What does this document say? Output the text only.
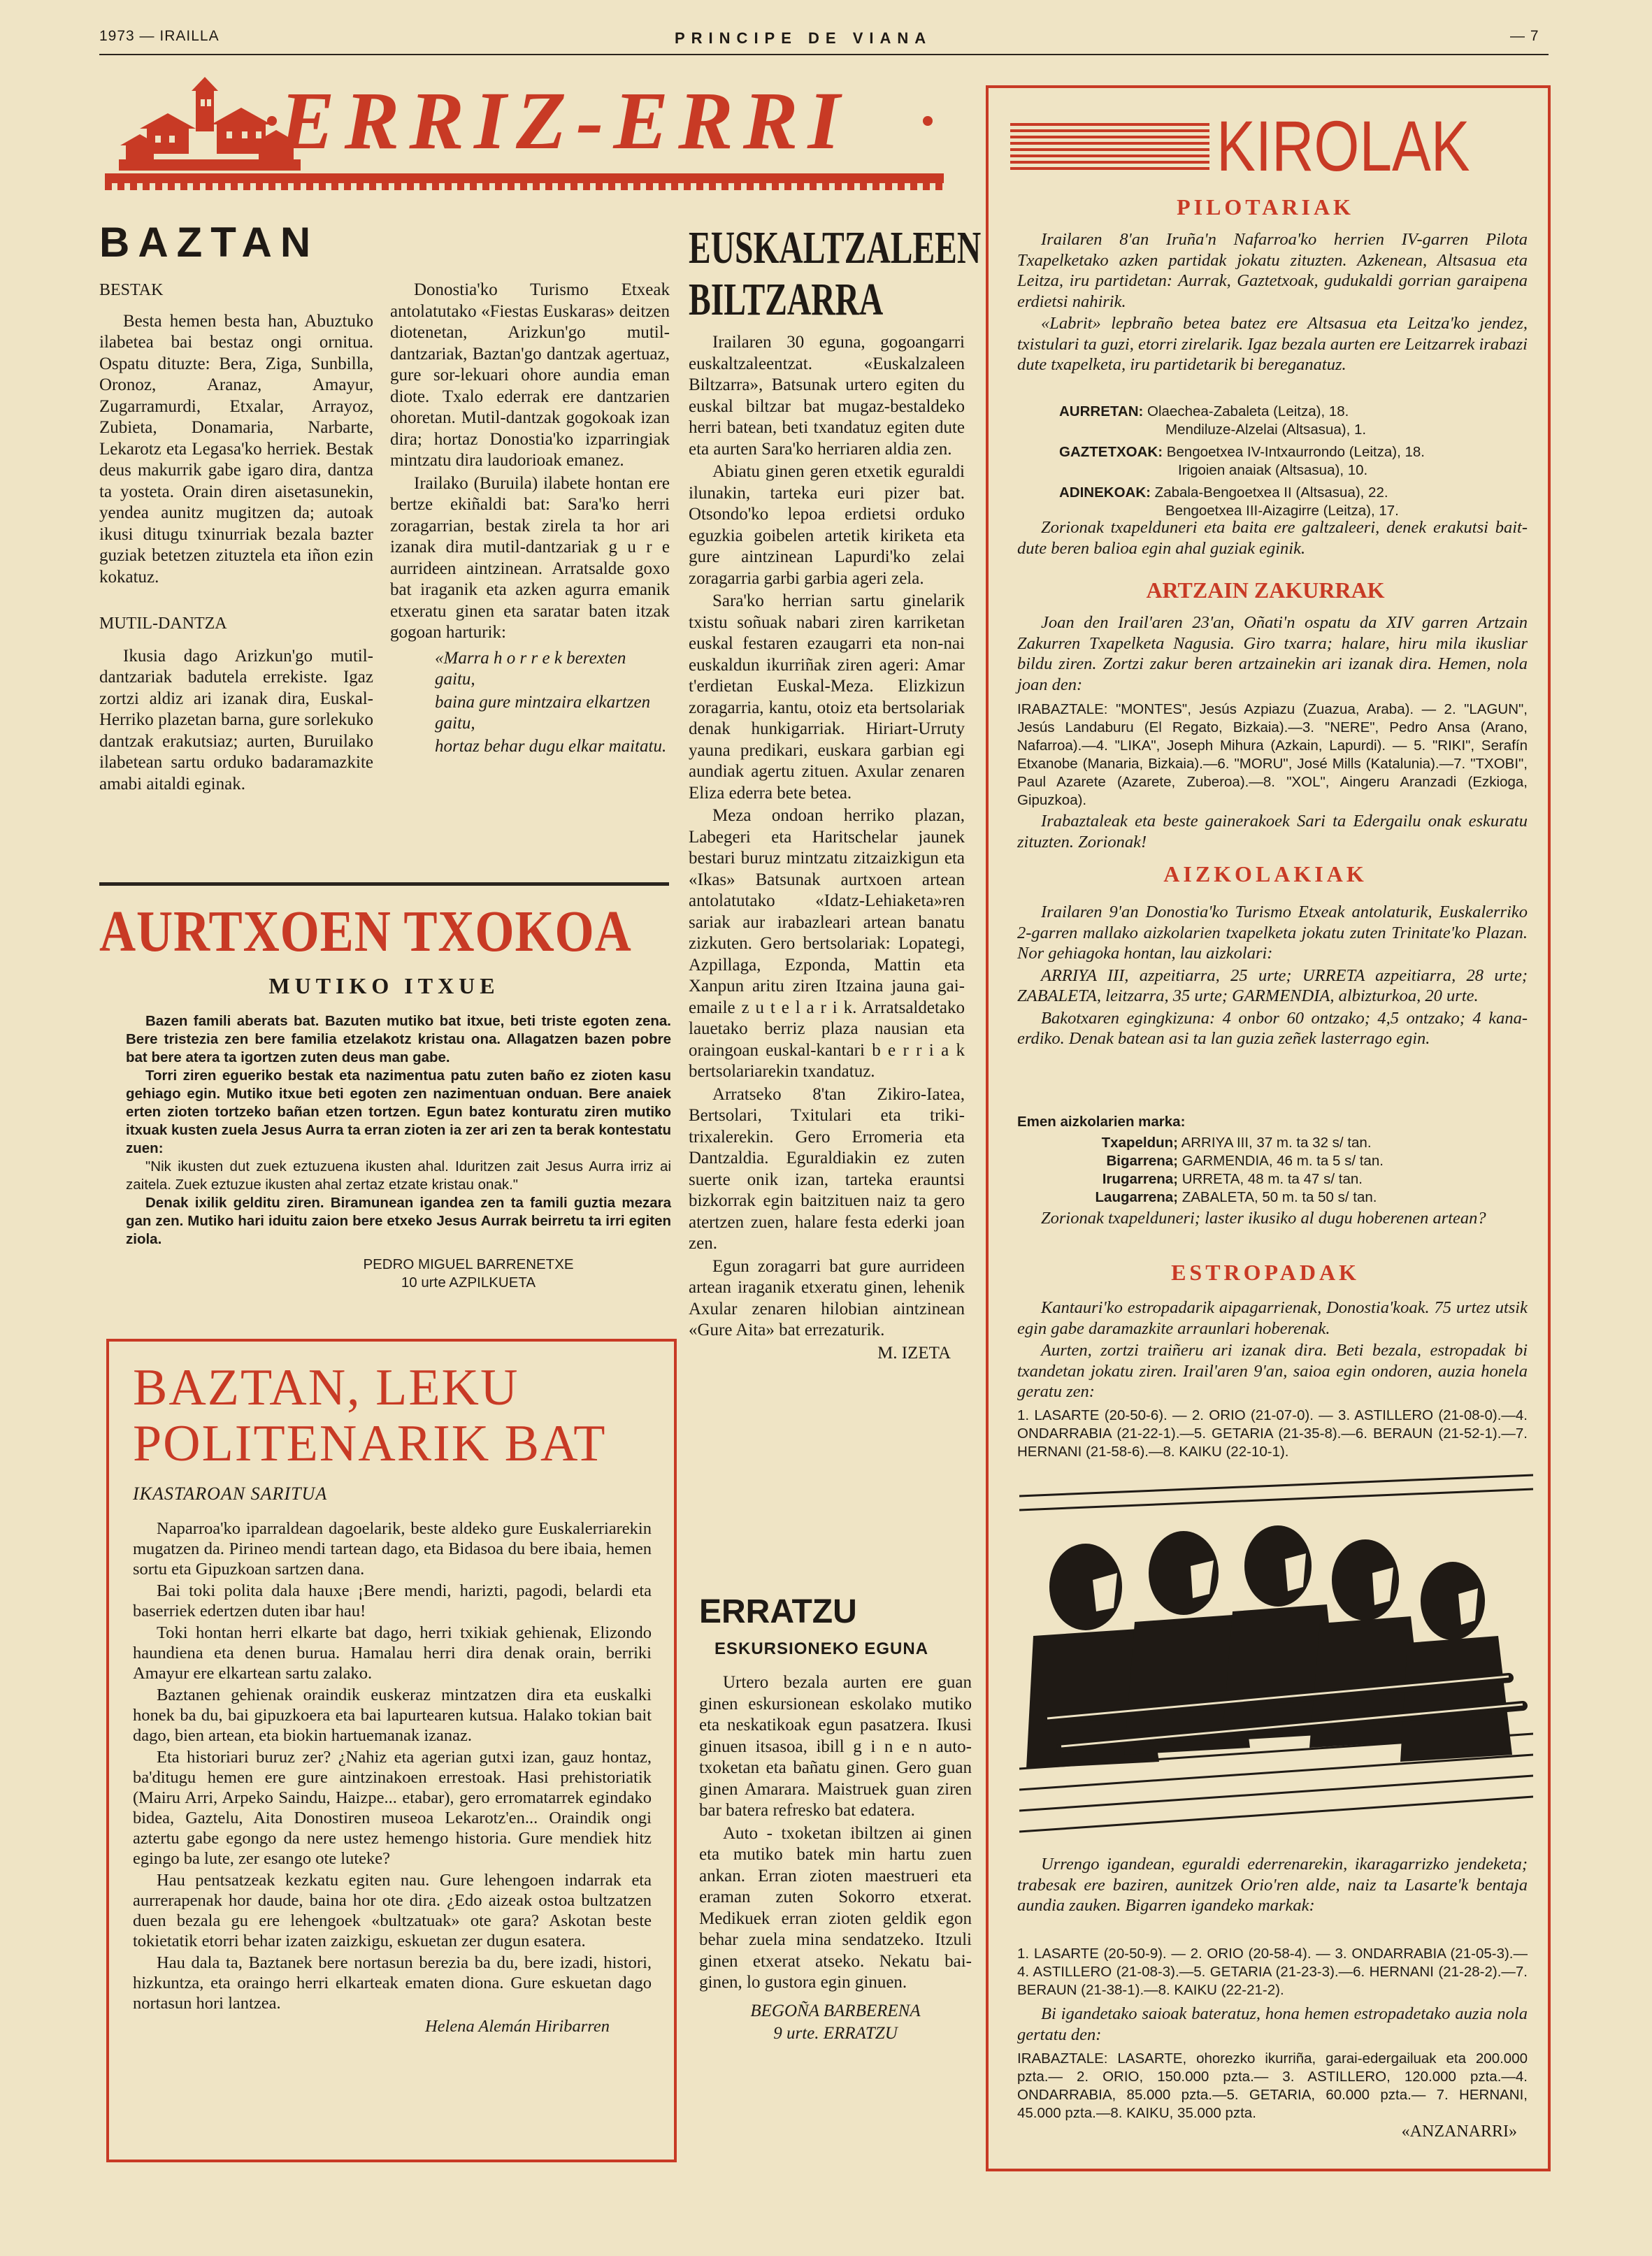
1973 — IRAILLA	PRINCIPE DE VIANA	— 7
ERRIZ-ERRI
BAZTAN

BESTAK

Besta hemen besta han, Abuztuko ilabetea bai bestaz ongi ornitua. Ospatu dituzte: Bera, Ziga, Sunbilla, Oronoz, Aranaz, Amayur, Zugarramurdi, Etxalar, Arrayoz, Zubieta, Donamaria, Narbarte, Lekarotz eta Legasa'ko herriek. Bestak deus makurrik gabe igaro dira, dantza ta yosteta. Orain diren aisetasunekin, yendea aunitz mugitzen da; autoak ikusi ditugu txinurriak bezala bazter guziak betetzen zituztela eta iñon ezin kokatuz.

MUTIL-DANTZA

Ikusia dago Arizkun'go mutil-dantzariak badutela errekiste. Igaz zortzi aldiz ari izanak dira, Euskal-Herriko plazetan barna, gure sorlekuko dantzak erakutsiaz; aurten, Buruilako ilabetean sartu orduko badaramazkite amabi aitaldi eginak.

Donostia'ko Turismo Etxeak antolatutako «Fiestas Euskaras» deitzen diotenetan, Arizkun'go mutil-dantzariak, Baztan'go dantzak agertuaz, gure sor-lekuari ohore aundia eman diote. Txalo ederrak ere dantzarien ohoretan. Mutil-dantzak gogokoak izan dira; hortaz Donostia'ko izparringiak mintzatu dira laudorioak emanez.

Irailako (Buruila) ilabete hontan ere bertze ekiñaldi bat: Sara'ko herri zoragarrian, bestak zirela ta hor ari izanak dira mutil-dantzariak g u r e aurrideen aintzinean. Arratsalde goxo bat iraganik eta azken agurra emanik etxeratu ginen eta saratar baten itzak gogoan harturik:

«Marra h o r r e k berexten gaitu,

baina gure mintzaira elkartzen gaitu,

hortaz behar dugu elkar maitatu.

AURTXOEN TXOKOA
MUTIKO ITXUE

Bazen famili aberats bat. Bazuten mutiko bat itxue, beti triste egoten zena. Bere tristezia zen bere familia etzelakotz kristau ona. Allagatzen bazen pobre bat bere atera ta igortzen zuten deus man gabe.

Torri ziren egueriko bestak eta nazimentua patu zuten baño ez zioten kasu gehiago egin. Mutiko itxue beti egoten zen nazimentuan onduan. Bere anaiek erten zioten tortzeko bañan etzen tortzen. Egun batez konturatu ziren mutiko itxuak kusten zuela Jesus Aurra ta erran zioten ia zer ari zen ta berak kontestatu zuen:

"Nik ikusten dut zuek eztuzuena ikusten ahal. Iduritzen zait Jesus Aurra irriz ai zaitela. Zuek eztuzue ikusten ahal zertaz etzate kristau onak."

Denak ixilik gelditu ziren. Biramunean igandea zen ta famili guztia mezara gan zen. Mutiko hari iduitu zaion bere etxeko Jesus Aurrak beirretu ta irri egiten ziola.

PEDRO MIGUEL BARRENETXE

10 urte AZPILKUETA

BAZTAN, LEKU
POLITENARIK BAT
IKASTAROAN SARITUA

Naparroa'ko iparraldean dagoelarik, beste aldeko gure Euskalerriarekin mugatzen da. Pirineo mendi tartean dago, eta Bidasoa du bere ibaia, hemen sortu eta Gipuzkoan sartzen dana.

Bai toki polita dala hauxe ¡Bere mendi, harizti, pagodi, belardi eta baserriek edertzen duten ibar hau!

Toki hontan herri elkarte bat dago, herri txikiak gehienak, Elizondo haundiena eta denen burua. Hamalau herri dira denak orain, berriki Amayur ere elkartean sartu zalako.

Baztanen gehienak oraindik euskeraz mintzatzen dira eta euskalki honek ba du, bai gipuzkoera eta bai lapurtearen kutsua. Halako tokian bait dago, bien artean, eta biokin hartuemanak izanaz.

Eta historiari buruz zer? ¿Nahiz eta agerian gutxi izan, gauz hontaz, ba'ditugu hemen ere gure aintzinakoen errestoak. Hasi prehistoriatik (Mairu Arri, Arpeko Saindu, Haizpe... etabar), gero erromatarrek egindako bidea, Gaztelu, Aita Donostiren museoa Lekarotz'en... Oraindik ongi aztertu gabe egongo da nere ustez hemengo historia. Gure mendiek hitz egingo ba lute, zer esango ote luteke?

Hau pentsatzeak kezkatu egiten nau. Gure lehengoen indarrak eta aurrerapenak hor daude, baina hor ote dira. ¿Edo aizeak ostoa bultzatzen duen bezala gu ere lehengoek «bultzatuak» ote gara? Askotan beste tokietatik etorri behar izaten zaizkigu, eskuetan zer dugun esatera.

Hau dala ta, Baztanek bere nortasun berezia ba du, bere izadi, histori, hizkuntza, eta oraingo herri elkarteak ematen diona. Gure eskuetan dago nortasun hori lantzea.

Helena Alemán Hiribarren

EUSKALTZALEEN
BILTZARRA

Irailaren 30 eguna, gogoangarri euskaltzaleentzat. «Euskalzaleen Biltzarra», Batsunak urtero egiten du euskal biltzar bat mugaz-bestaldeko herri batean, beti txandatuz egiten dute eta aurten Sara'ko herriaren aldia zen.

Abiatu ginen geren etxetik eguraldi ilunakin, tarteka euri pizer bat. Otsondo'ko lepoa erdietsi orduko eguzkia goibelen artetik kiriketa eta gure aintzinean Lapurdi'ko zelai zoragarria garbi garbia ageri zela.

Sara'ko herrian sartu ginelarik txistu soñuak nabari ziren karriketan euskal festaren ezaugarri eta non-nai euskaldun ikurriñak ziren ageri: Amar t'erdietan Euskal-Meza. Elizkizun zoragarria, kantu, otoiz eta bertsolariak denak hunkigarriak. Hiriart-Urruty yauna predikari, euskara garbian egi aundiak agertu zituen. Axular zenaren Eliza ederra bete betea.

Meza ondoan herriko plazan, Labegeri eta Haritschelar jaunek bestari buruz mintzatu zitzaizkigun eta «Ikas» Batsunak aurtxoen artean antolatutako «Idatz-Lehiaketa»ren sariak aur irabazleari artean banatu zizkuten. Gero bertsolariak: Lopategi, Azpillaga, Ezponda, Mattin eta Xanpun aritu ziren Itzaina jauna gai-emaile z u t e l a r i k. Arratsaldetako lauetako berriz plaza nausian eta oraingoan euskal-kantari b e r r i a k bertsolariarekin txandatuz.

Arratseko 8'tan Zikiro-Iatea, Bertsolari, Txitulari eta triki-trixalerekin. Gero Erromeria eta Dantzaldia. Eguraldiakin ez zuten suerte onik izan, tarteka erauntsi bizkorrak egin baitzituen naiz ta gero atertzen zuen, halare festa ederki joan zen.

Egun zoragarri bat gure aurrideen artean iraganik etxeratu ginen, lehenik Axular zenaren hilobian aintzinean «Gure Aita» bat errezaturik.

M. IZETA

ERRATZU
ESKURSIONEKO EGUNA

Urtero bezala aurten ere guan ginen eskursionean eskolako mutiko eta neskatikoak egun pasatzera. Ikusi ginuen itsasoa, ibill g i n e n auto-txoketan eta bañatu ginen. Gero guan ginen Amarara. Maistruek guan ziren bar batera refresko bat edatera.

Auto - txoketan ibiltzen ai ginen eta mutiko batek min hartu zuen ankan. Erran zioten maestrueri eta eraman zuten Sokorro etxerat. Medikuek erran zioten geldik egon behar zuela mina sendatzeko. Itzuli ginen etxerat atseko. Nekatu bai-ginen, lo gustora egin ginuen.

BEGOÑA BARBERENA

9 urte. ERRATZU

KIROLAK
PILOTARIAK

Irailaren 8'an Iruña'n Nafarroa'ko herrien IV-garren Pilota Txapelketako azken partidak jokatu zituzten. Azkenean, Altsasua eta Leitza, iru partidetan: Aurrak, Gaztetxoak, gudukaldi gorrian garaipena erdietsi nahirik.

«Labrit» lepbraño betea batez ere Altsasua eta Leitza'ko jendez, txistulari ta guzi, etorri zirelarik. Igaz bezala aurten ere Leitzarrek irabazi dute txapelketa, iru partidetarik bi bereganatuz.

AURRETAN: Olaechea-Zabaleta (Leitza), 18.
Mendiluze-Alzelai (Altsasua), 1.
GAZTETXOAK: Bengoetxea IV-Intxaurrondo (Leitza), 18.
Irigoien anaiak (Altsasua), 10.
ADINEKOAK: Zabala-Bengoetxea II (Altsasua), 22.
Bengoetxea III-Aizagirre (Leitza), 17.

Zorionak txapelduneri eta baita ere galtzaleeri, denek erakutsi bait-dute beren balioa egin ahal guziak eginik.

ARTZAIN ZAKURRAK

Joan den Irail'aren 23'an, Oñati'n ospatu da XIV garren Artzain Zakurren Txapelketa Nagusia. Giro txarra; halare, hiru mila ikusliar bildu ziren. Zortzi zakur beren artzainekin ari izanak dira. Hemen, nola joan den:

IRABAZTALE: "MONTES", Jesús Azpiazu (Zuazua, Araba). — 2. "LAGUN", Jesús Landaburu (El Regato, Bizkaia).—3. "NERE", Pedro Ansa (Arano, Nafarroa).—4. "LIKA", Joseph Mihura (Azkain, Lapurdi). — 5. "RIKI", Serafín Etxanobe (Manaria, Bizkaia).—6. "MORU", José Mills (Katalunia).—7. "TXOBI", Paul Azarete (Azarete, Zuberoa).—8. "XOL", Aingeru Aranzadi (Ezkioga, Gipuzkoa).

Irabaztaleak eta beste gainerakoek Sari ta Edergailu onak eskuratu zituzten. Zorionak!

AIZKOLAKIAK

Irailaren 9'an Donostia'ko Turismo Etxeak antolaturik, Euskalerriko 2-garren mallako aizkolarien txapelketa jokatu zuten Trinitate'ko Plazan. Nor gehiagoka hontan, lau aizkolari:

ARRIYA III, azpeitiarra, 25 urte; URRETA azpeitiarra, 28 urte; ZABALETA, leitzarra, 35 urte; GARMENDIA, albizturkoa, 20 urte.

Bakotxaren egingkizuna: 4 onbor 60 ontzako; 4,5 ontzako; 4 kana-erdiko. Denak batean asi ta lan guzia zeñek lasterrago egin.

Emen aizkolarien marka:
Txapeldun; ARRIYA III, 37 m. ta 32 s/ tan.
Bigarrena; GARMENDIA, 46 m. ta 5 s/ tan.
Irugarrena; URRETA, 48 m. ta 47 s/ tan.
Laugarrena; ZABALETA, 50 m. ta 50 s/ tan.

Zorionak txapelduneri; laster ikusiko al dugu hoberenen artean?

ESTROPADAK

Kantauri'ko estropadarik aipagarrienak, Donostia'koak. 75 urtez utsik egin gabe daramazkite arraunlari hoberenak.

Aurten, zortzi traiñeru ari izanak dira. Beti bezala, estropadak bi txandetan jokatu ziren. Irail'aren 9'an, saioa egin ondoren, auzia honela geratu zen:

1. LASARTE (20-50-6). — 2. ORIO (21-07-0). — 3. ASTILLERO (21-08-0).—4. ONDARRABIA (21-22-1).—5. GETARIA (21-35-8).—6. BERAUN (21-52-1).—7. HERNANI (21-58-6).—8. KAIKU (22-10-1).

Urrengo igandean, eguraldi ederrenarekin, ikaragarrizko jendeketa; trabesak ere baziren, aunitzek Orio'ren alde, naiz ta Lasarte'k bentaja aundia zauken. Bigarren igandeko markak:

1. LASARTE (20-50-9). — 2. ORIO (20-58-4). — 3. ONDARRABIA (21-05-3).—4. ASTILLERO (21-08-3).—5. GETARIA (21-23-3).—6. HERNANI (21-28-2).—7. BERAUN (21-38-1).—8. KAIKU (22-21-2).

Bi igandetako saioak bateratuz, hona hemen estropadetako auzia nola gertatu den:

IRABAZTALE: LASARTE, ohorezko ikurriña, garai-edergailuak eta 200.000 pzta.— 2. ORIO, 150.000 pzta.— 3. ASTILLERO, 120.000 pzta.—4. ONDARRABIA, 85.000 pzta.—5. GETARIA, 60.000 pzta.— 7. HERNANI, 45.000 pzta.—8. KAIKU, 35.000 pzta.
«ANZANARRI»
